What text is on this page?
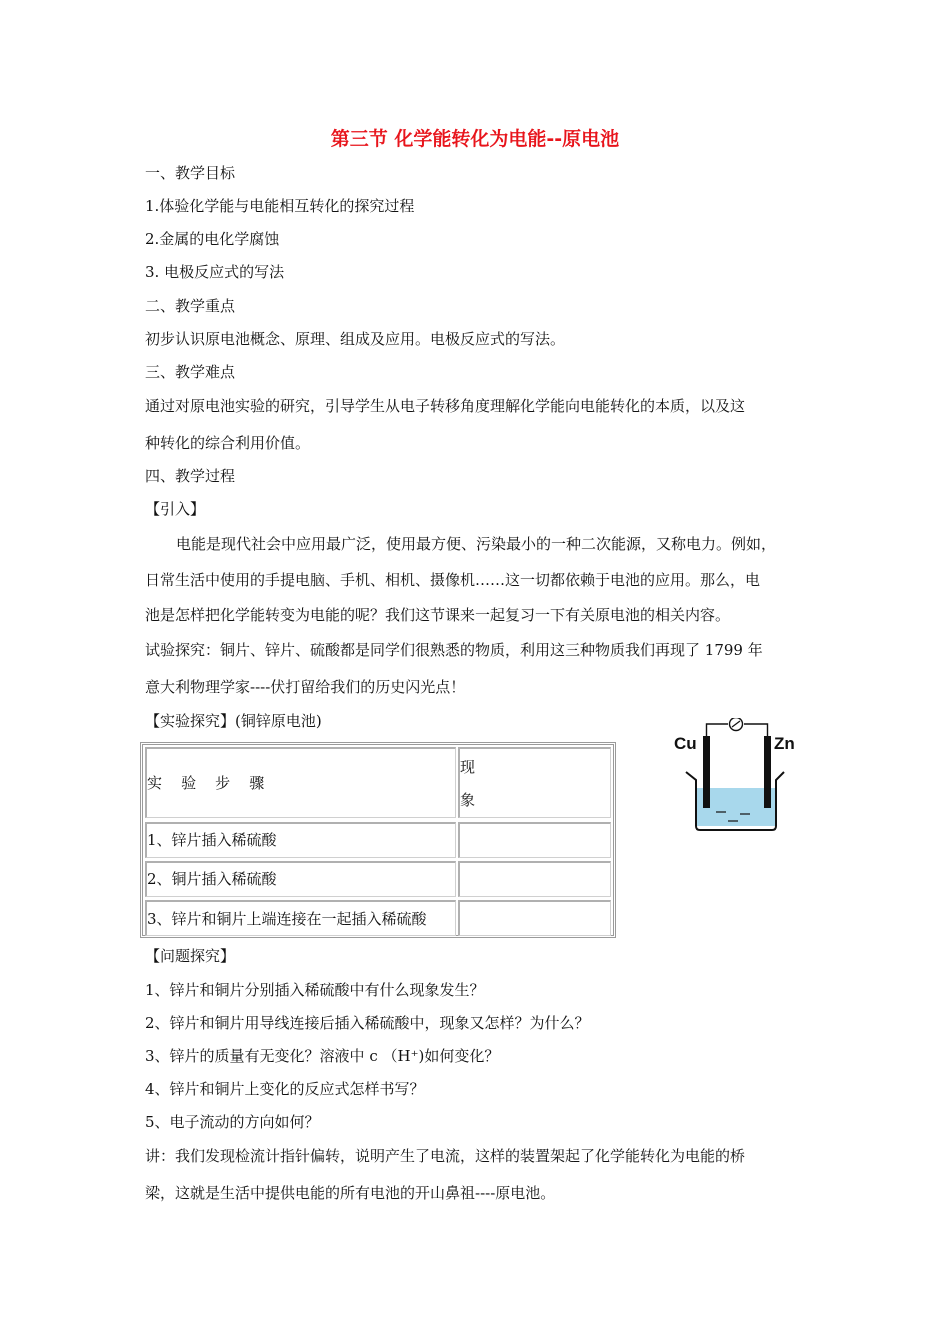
第三节 化学能转化为电能--原电池
一、教学目标
1.体验化学能与电能相互转化的探究过程
2.金属的电化学腐蚀
3. 电极反应式的写法
二、教学重点
初步认识原电池概念、原理、组成及应用。电极反应式的写法。
三、教学难点
通过对原电池实验的研究，引导学生从电子转移角度理解化学能向电能转化的本质，以及这
种转化的综合利用价值。
四、教学过程
【引入】
电能是现代社会中应用最广泛，使用最方便、污染最小的一种二次能源，又称电力。例如，
日常生活中使用的手提电脑、手机、相机、摄像机……这一切都依赖于电池的应用。那么，电
池是怎样把化学能转变为电能的呢？我们这节课来一起复习一下有关原电池的相关内容。
试验探究：铜片、锌片、硫酸都是同学们很熟悉的物质，利用这三种物质我们再现了 1799 年
意大利物理学家----伏打留给我们的历史闪光点！
【实验探究】(铜锌原电池)
实    验    步    骤
现
象
1、锌片插入稀硫酸
2、铜片插入稀硫酸
3、锌片和铜片上端连接在一起插入稀硫酸
Cu	Zn
【问题探究】
1、锌片和铜片分别插入稀硫酸中有什么现象发生？
2、锌片和铜片用导线连接后插入稀硫酸中，现象又怎样？为什么？
3、锌片的质量有无变化？溶液中 c （H⁺)如何变化？
4、锌片和铜片上变化的反应式怎样书写？
5、电子流动的方向如何？
讲：我们发现检流计指针偏转，说明产生了电流，这样的装置架起了化学能转化为电能的桥
梁，这就是生活中提供电能的所有电池的开山鼻祖----原电池。
